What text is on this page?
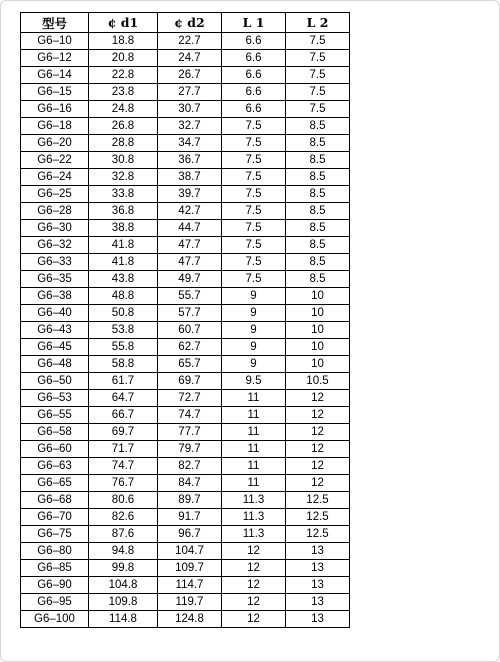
型号	¢ d1	¢ d2	L 1	L 2
G6–10	18.8	22.7	6.6	7.5
G6–12	20.8	24.7	6.6	7.5
G6–14	22.8	26.7	6.6	7.5
G6–15	23.8	27.7	6.6	7.5
G6–16	24.8	30.7	6.6	7.5
G6–18	26.8	32.7	7.5	8.5
G6–20	28.8	34.7	7.5	8.5
G6–22	30.8	36.7	7.5	8.5
G6–24	32.8	38.7	7.5	8.5
G6–25	33.8	39.7	7.5	8.5
G6–28	36.8	42.7	7.5	8.5
G6–30	38.8	44.7	7.5	8.5
G6–32	41.8	47.7	7.5	8.5
G6–33	41.8	47.7	7.5	8.5
G6–35	43.8	49.7	7.5	8.5
G6–38	48.8	55.7	9	10
G6–40	50.8	57.7	9	10
G6–43	53.8	60.7	9	10
G6–45	55.8	62.7	9	10
G6–48	58.8	65.7	9	10
G6–50	61.7	69.7	9.5	10.5
G6–53	64.7	72.7	11	12
G6–55	66.7	74.7	11	12
G6–58	69.7	77.7	11	12
G6–60	71.7	79.7	11	12
G6–63	74.7	82.7	11	12
G6–65	76.7	84.7	11	12
G6–68	80.6	89.7	11.3	12.5
G6–70	82.6	91.7	11.3	12.5
G6–75	87.6	96.7	11.3	12.5
G6–80	94.8	104.7	12	13
G6–85	99.8	109.7	12	13
G6–90	104.8	114.7	12	13
G6–95	109.8	119.7	12	13
G6–100	114.8	124.8	12	13
